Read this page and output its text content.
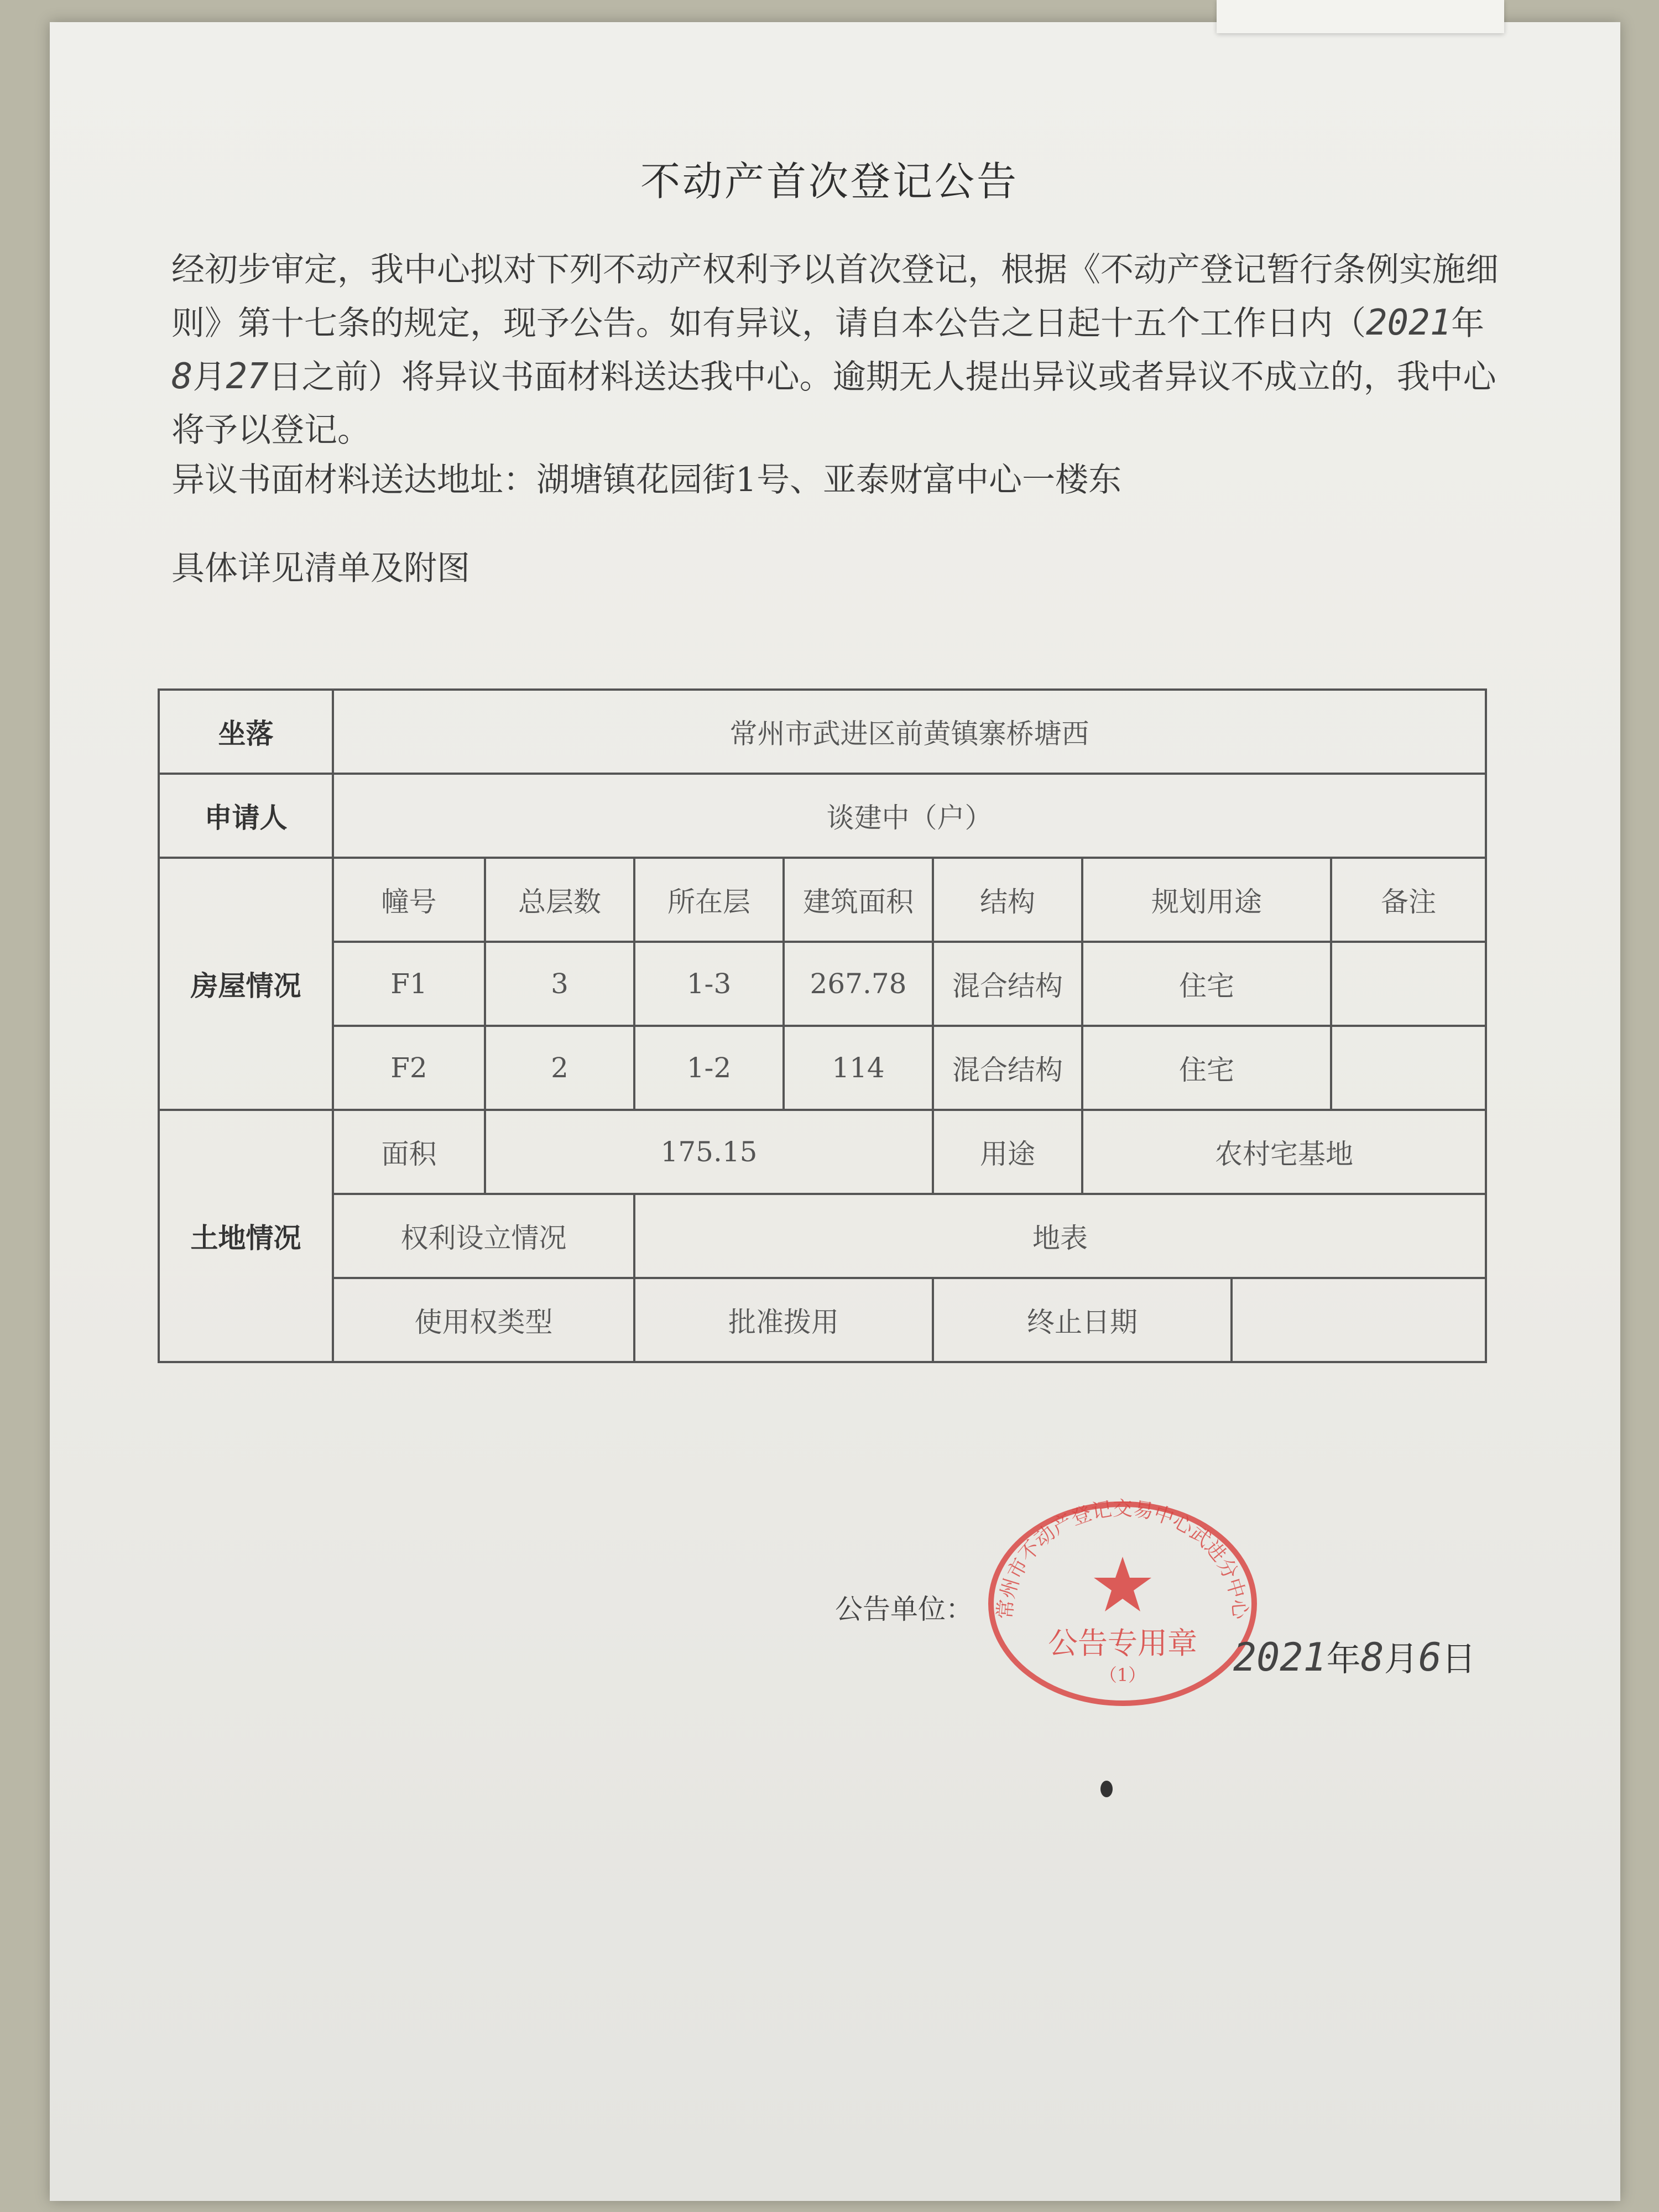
不动产首次登记公告
经初步审定，我中心拟对下列不动产权利予以首次登记，根据《不动产登记暂行条例实施细则》第十七条的规定，现予公告。如有异议，请自本公告之日起十五个工作日内（2021年8月27日之前）将异议书面材料送达我中心。逾期无人提出异议或者异议不成立的，我中心将予以登记。
异议书面材料送达地址：湖塘镇花园街1号、亚泰财富中心一楼东
具体详见清单及附图
坐落	常州市武进区前黄镇寨桥塘西							
申请人	谈建中（户）							
房屋情况	幢号	总层数	所在层	建筑面积	结构	规划用途		备注
	F1	3	1-3	267.78	混合结构	住宅		
	F2	2	1-2	114	混合结构	住宅		
土地情况	面积	175.15			用途	农村宅基地		
	权利设立情况		地表					
	使用权类型		批准拨用		终止日期			
公告单位： 常州市不动产登记交易中心武进分中心
公告专用章
（1） 2021年8月6日
